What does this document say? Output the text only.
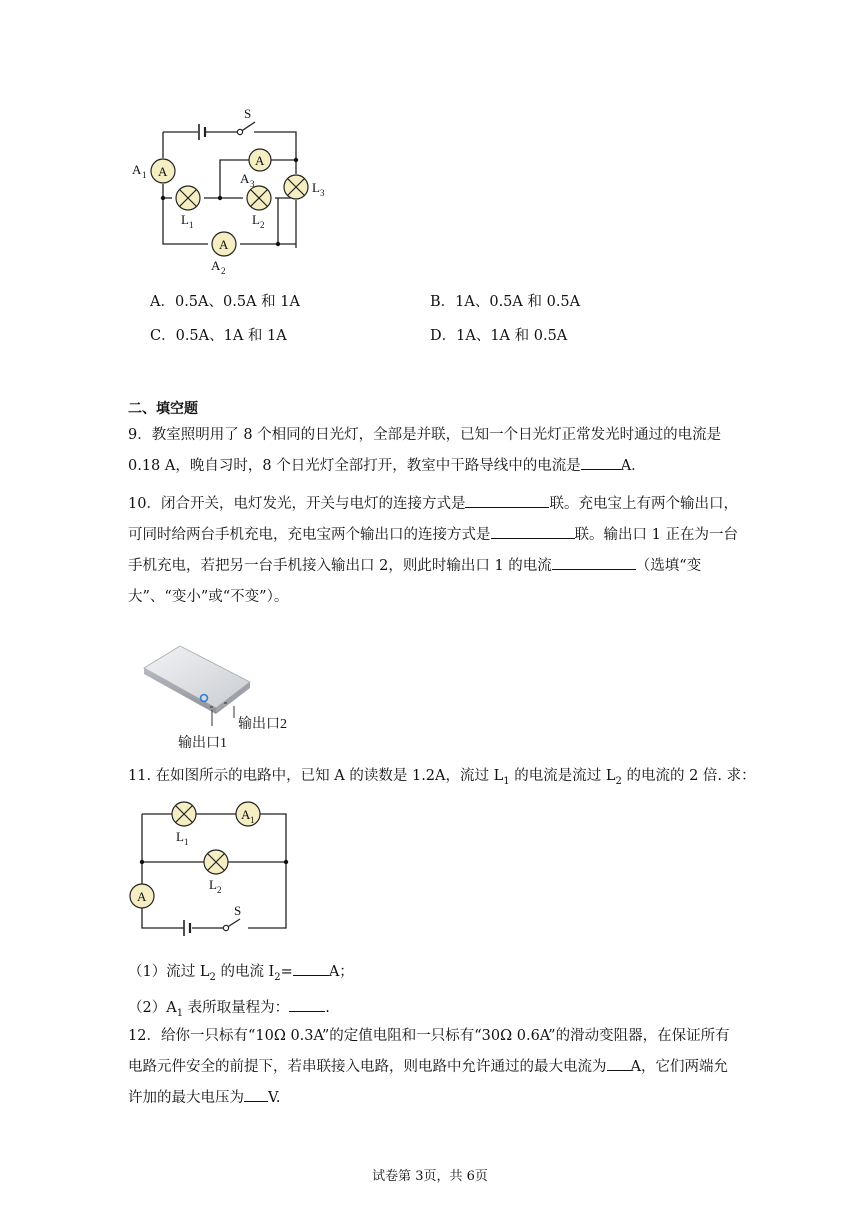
A
A
A
S
A 1	A 3
A 2
L 1	L 2
L 3
A．0.5A、0.5A 和 1A	B．1A、0.5A 和 0.5A
C．0.5A、1A 和 1A	D．1A、1A 和 0.5A
二、填空题
9．教室照明用了 8 个相同的日光灯，全部是并联，已知一个日光灯正常发光时通过的电流是 0.18 A，晚自习时，8 个日光灯全部打开，教室中干路导线中的电流是	A．
10．闭合开关，电灯发光，开关与电灯的连接方式是	联。充电宝上有两个输出口，可同时给两台手机充电，充电宝两个输出口的连接方式是	联。输出口 1 正在为一台手机充电，若把另一台手机接入输出口 2，则此时输出口 1 的电流	（选填“变大”、“变小”或“不变”）。
输出口2
输出口1
11. 在如图所示的电路中，已知 A 的读数是 1.2A，流过 $L_1$ 的电流是流过 $L_2$ 的电流的 2 倍. 求：
A 1
A
L 1
L 2
S
（1）流过 $L_2$ 的电流 $I_2= A$；
$(2)A_1$ 表所取量程为： .
12．给你一只标有“10Ω 0.3A”的定值电阻和一只标有“30Ω 0.6A”的滑动变阻器，在保证所有电路元件安全的前提下，若串联接入电路，则电路中允许通过的最大电流为 A，它们两端允许加的最大电压为 V.
试卷第 3页，共 6页
